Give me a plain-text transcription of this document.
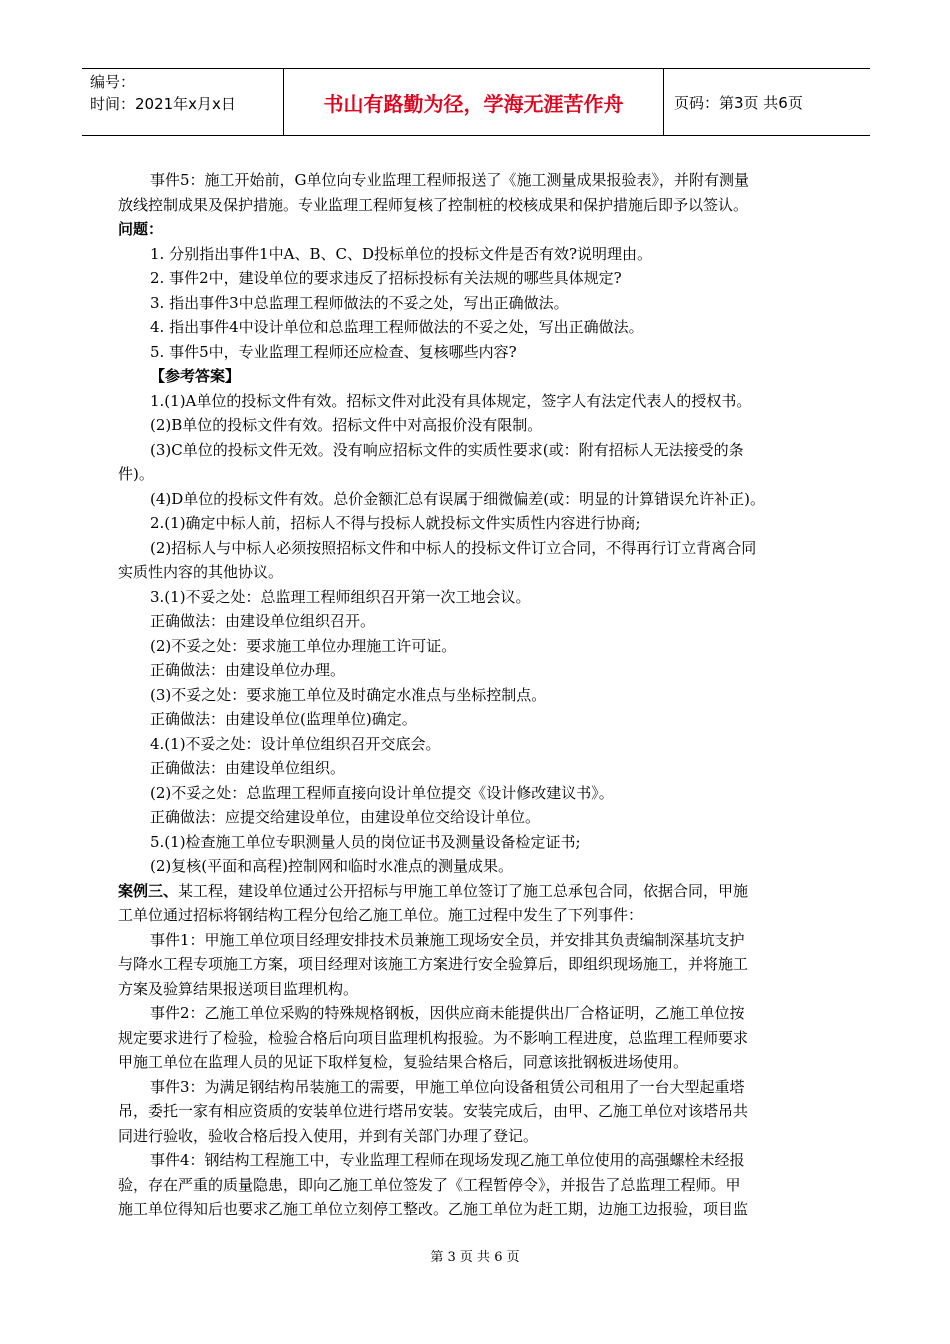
编号：
时间：2021年x月x日	书山有路勤为径，学海无涯苦作舟	页码：第3页 共6页
事件5：施工开始前，G单位向专业监理工程师报送了《施工测量成果报验表》，并附有测量
放线控制成果及保护措施。专业监理工程师复核了控制桩的校核成果和保护措施后即予以签认。
问题：
1. 分别指出事件1中A、B、C、D投标单位的投标文件是否有效?说明理由。
2. 事件2中，建设单位的要求违反了招标投标有关法规的哪些具体规定?
3. 指出事件3中总监理工程师做法的不妥之处，写出正确做法。
4. 指出事件4中设计单位和总监理工程师做法的不妥之处，写出正确做法。
5. 事件5中，专业监理工程师还应检查、复核哪些内容?
【参考答案】
1.(1)A单位的投标文件有效。招标文件对此没有具体规定，签字人有法定代表人的授权书。
(2)B单位的投标文件有效。招标文件中对高报价没有限制。
(3)C单位的投标文件无效。没有响应招标文件的实质性要求(或：附有招标人无法接受的条
件)。
(4)D单位的投标文件有效。总价金额汇总有误属于细微偏差(或：明显的计算错误允许补正)。
2.(1)确定中标人前，招标人不得与投标人就投标文件实质性内容进行协商;
(2)招标人与中标人必须按照招标文件和中标人的投标文件订立合同，不得再行订立背离合同
实质性内容的其他协议。
3.(1)不妥之处：总监理工程师组织召开第一次工地会议。
正确做法：由建设单位组织召开。
(2)不妥之处：要求施工单位办理施工许可证。
正确做法：由建设单位办理。
(3)不妥之处：要求施工单位及时确定水准点与坐标控制点。
正确做法：由建设单位(监理单位)确定。
4.(1)不妥之处：设计单位组织召开交底会。
正确做法：由建设单位组织。
(2)不妥之处：总监理工程师直接向设计单位提交《设计修改建议书》。
正确做法：应提交给建设单位，由建设单位交给设计单位。
5.(1)检查施工单位专职测量人员的岗位证书及测量设备检定证书;
(2)复核(平面和高程)控制网和临时水准点的测量成果。
案例三、某工程，建设单位通过公开招标与甲施工单位签订了施工总承包合同，依据合同，甲施
工单位通过招标将钢结构工程分包给乙施工单位。施工过程中发生了下列事件：
事件1：甲施工单位项目经理安排技术员兼施工现场安全员，并安排其负责编制深基坑支护
与降水工程专项施工方案，项目经理对该施工方案进行安全验算后，即组织现场施工，并将施工
方案及验算结果报送项目监理机构。
事件2：乙施工单位采购的特殊规格钢板，因供应商未能提供出厂合格证明，乙施工单位按
规定要求进行了检验，检验合格后向项目监理机构报验。为不影响工程进度，总监理工程师要求
甲施工单位在监理人员的见证下取样复检，复验结果合格后，同意该批钢板进场使用。
事件3：为满足钢结构吊装施工的需要，甲施工单位向设备租赁公司租用了一台大型起重塔
吊，委托一家有相应资质的安装单位进行塔吊安装。安装完成后，由甲、乙施工单位对该塔吊共
同进行验收，验收合格后投入使用，并到有关部门办理了登记。
事件4：钢结构工程施工中，专业监理工程师在现场发现乙施工单位使用的高强螺栓未经报
验，存在严重的质量隐患，即向乙施工单位签发了《工程暂停令》，并报告了总监理工程师。甲
施工单位得知后也要求乙施工单位立刻停工整改。乙施工单位为赶工期，边施工边报验，项目监
第 3 页 共 6 页
